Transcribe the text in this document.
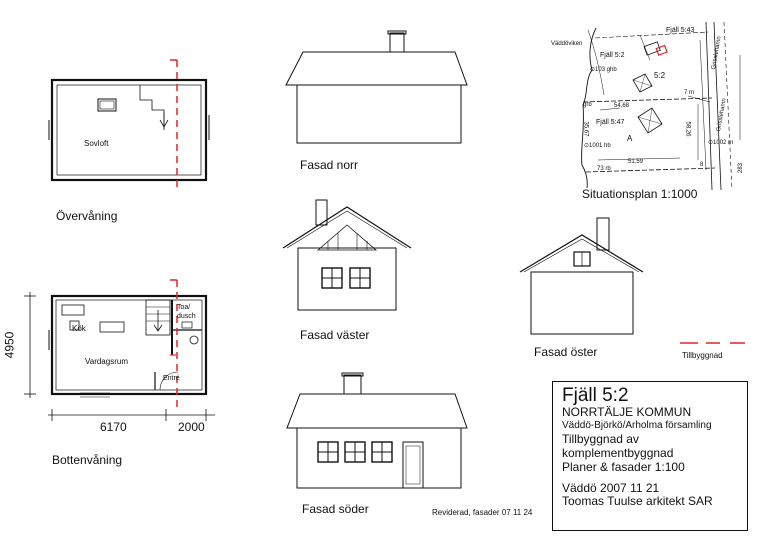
Sovloft
Övervåning
Kök
Toa/
dusch
Vardagsrum
Entré
6170	2000
4950
Bottenvåning
Fasad norr
Fasad väster
Fasad öster
Fasad söder
Fjäll 5:43
Väddöviken
Fjäll 5:2
⊙103 ghb
5:2
grb	54,68
Fjäll 5:47
35,67	58,26
A
⊙1001 hb	⊙1002 rn
51,59
73 rb
7 rn
8	283
Grisslehamn
Grisslehamn
Situationsplan 1:1000
Tillbyggnad
Reviderad, fasader 07 11 24
Fjäll 5:2
NORRTÄLJE KOMMUN
Väddö-Björkö/Arholma församling
Tillbyggnad av
komplementbyggnad
Planer & fasader 1:100
Väddö 2007 11 21
Toomas Tuulse arkitekt SAR
